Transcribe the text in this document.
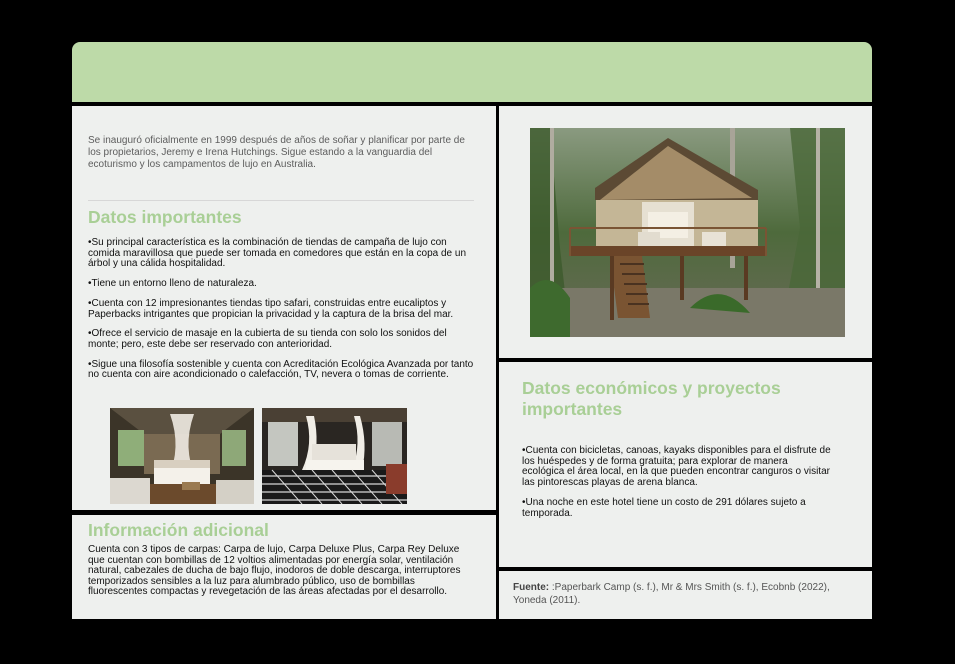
Se inauguró oficialmente en 1999 después de años de soñar y planificar por parte de los propietarios, Jeremy e Irena Hutchings. Sigue estando a la vanguardia del ecoturismo y los campamentos de lujo en Australia.
Datos importantes

•Su principal característica es la combinación de tiendas de campaña de lujo con comida maravillosa que puede ser tomada en comedores que están en la copa de un árbol y una cálida hospitalidad.

•Tiene un entorno lleno de naturaleza.

•Cuenta con 12 impresionantes tiendas tipo safari, construidas entre eucaliptos y Paperbacks intrigantes que propician la privacidad y la captura de la brisa del mar.

•Ofrece el servicio de masaje en la cubierta de su tienda con solo los sonidos del monte; pero, este debe ser reservado con anterioridad.

•Sigue una filosofía sostenible y cuenta con Acreditación Ecológica Avanzada por tanto no cuenta con aire acondicionado o calefacción, TV, nevera o tomas de corriente.

Información adicional
Cuenta con 3 tipos de carpas: Carpa de lujo, Carpa Deluxe Plus, Carpa Rey Deluxe que cuentan con bombillas de 12 voltios alimentadas por energía solar, ventilación natural, cabezales de ducha de bajo flujo, inodoros de doble descarga, interruptores temporizados sensibles a la luz para alumbrado público, uso de bombillas fluorescentes compactas y revegetación de las áreas afectadas por el desarrollo.
Datos económicos y proyectos importantes

•Cuenta con bicicletas, canoas, kayaks disponibles para el disfrute de los huéspedes y de forma gratuita; para explorar de manera ecológica el área local, en la que pueden encontrar canguros o visitar las pintorescas playas de arena blanca.

•Una noche en este hotel tiene un costo de 291 dólares sujeto a temporada.

Fuente: :Paperbark Camp (s. f.), Mr & Mrs Smith (s. f.), Ecobnb (2022), Yoneda (2011).
